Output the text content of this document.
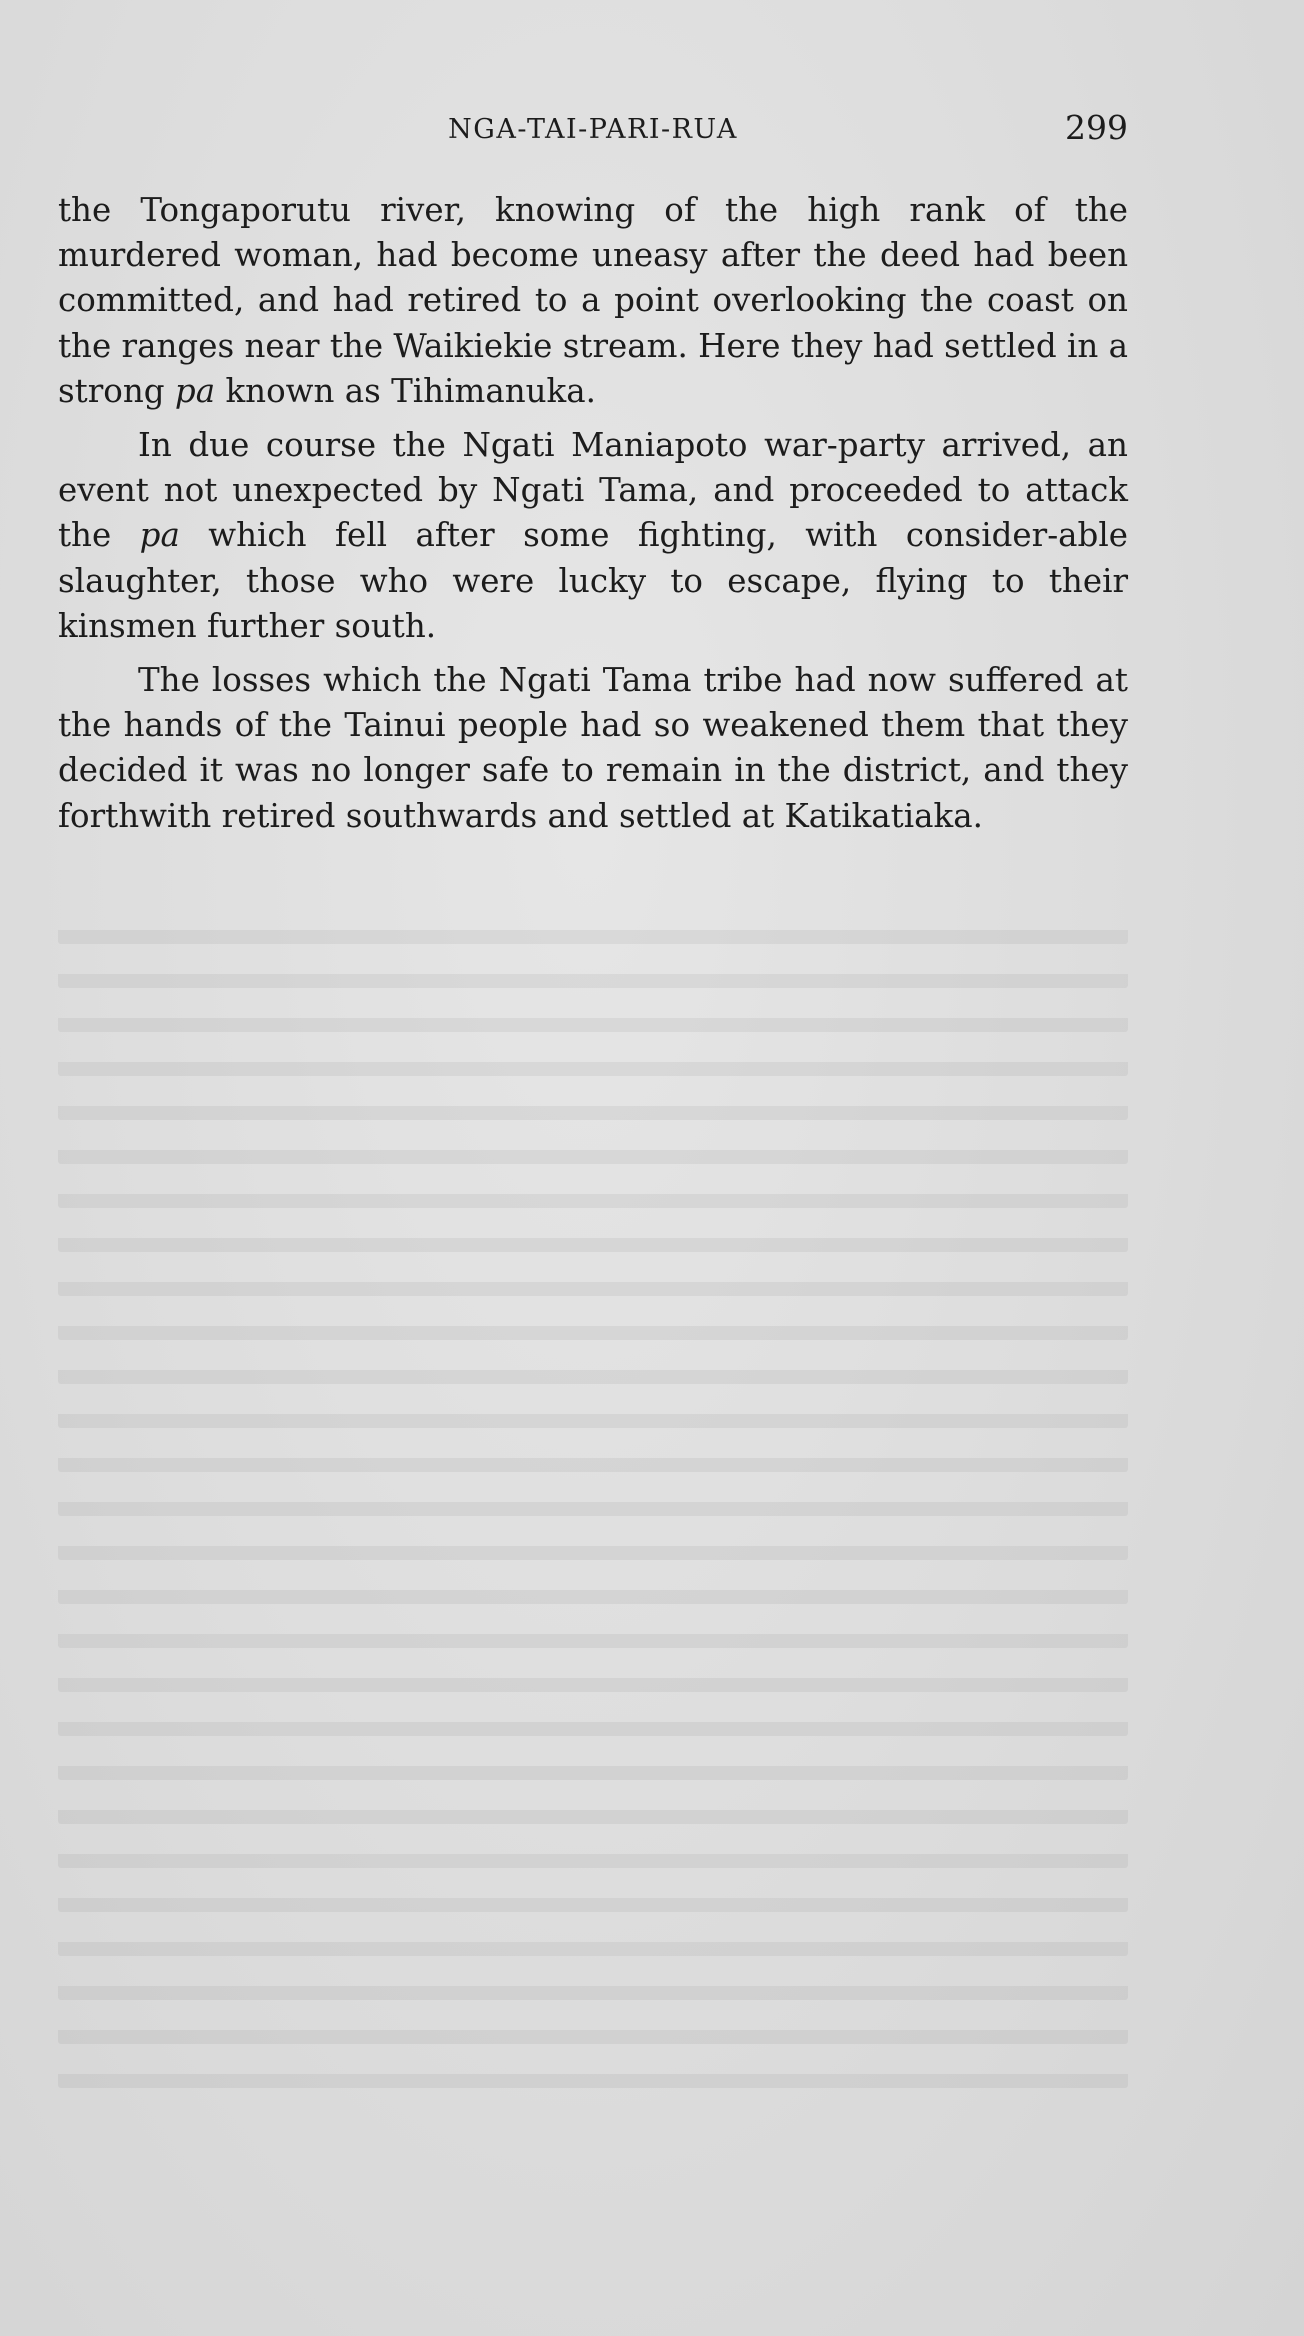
NGA-TAI-PARI-RUA	299

the Tongaporutu river, knowing of the high rank of the murdered woman, had become uneasy after the deed had been committed, and had retired to a point overlooking the coast on the ranges near the Waikiekie stream. Here they had settled in a strong pa known as Tihimanuka.

In due course the Ngati Maniapoto war-party arrived, an event not unexpected by Ngati Tama, and proceeded to attack the pa which fell after some fighting, with consider-able slaughter, those who were lucky to escape, flying to their kinsmen further south.

The losses which the Ngati Tama tribe had now suffered at the hands of the Tainui people had so weakened them that they decided it was no longer safe to remain in the district, and they forthwith retired southwards and settled at Katikatiaka.
